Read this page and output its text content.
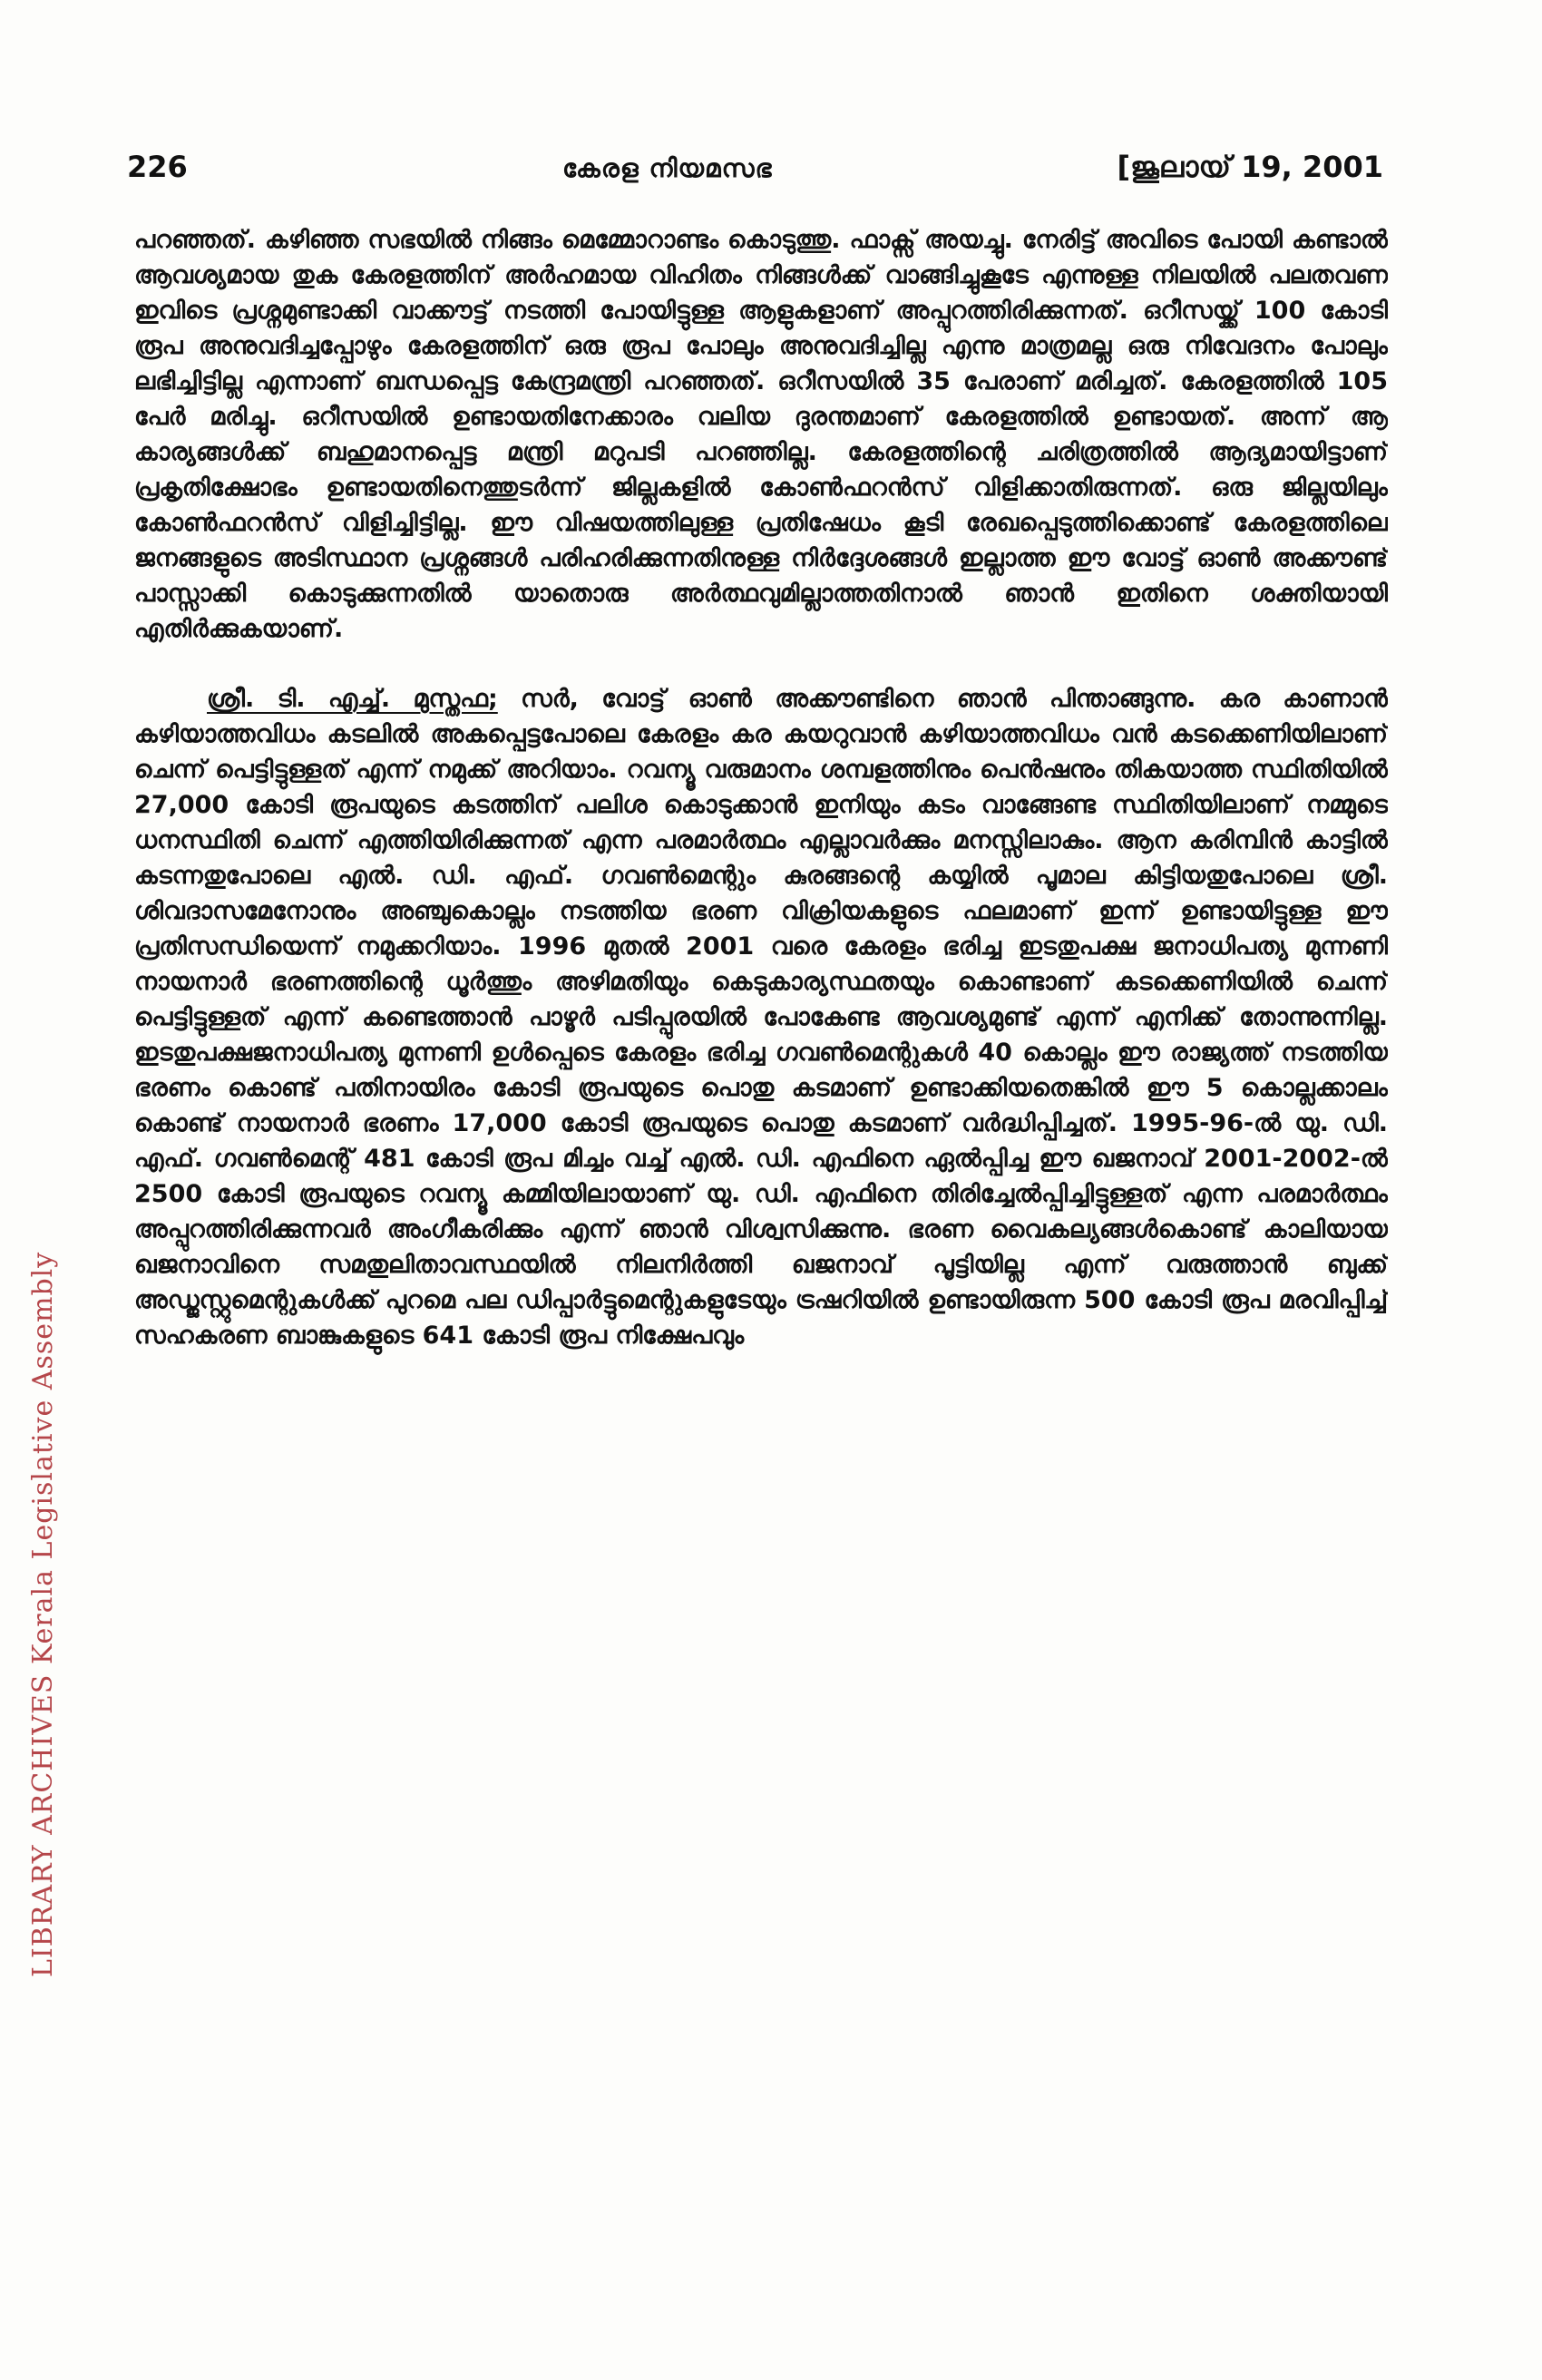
226	കേരള നിയമസഭ	[ജൂലായ് 19, 2001

പറഞ്ഞത്. കഴിഞ്ഞ സഭയിൽ നിങ്ങം മെമ്മോറാണ്ടം കൊടുത്തു. ഫാക്സ് അയച്ചു. നേരിട്ട് അവിടെ പോയി കണ്ടാൽ ആവശ്യമായ തുക കേരളത്തിന് അർഹമായ വിഹിതം നിങ്ങൾക്ക് വാങ്ങിച്ചുകൂടേ എന്നുള്ള നിലയിൽ പലതവണ ഇവിടെ പ്രശ്നമുണ്ടാക്കി വാക്കൗട്ട് നടത്തി പോയിട്ടുള്ള ആളുകളാണ് അപ്പുറത്തിരിക്കുന്നത്. ഒറീസയ്ക്ക് 100 കോടി രൂപ അനുവദിച്ചപ്പോഴും കേരളത്തിന് ഒരു രൂപ പോലും അനുവദിച്ചില്ല എന്നു മാത്രമല്ല ഒരു നിവേദനം പോലും ലഭിച്ചിട്ടില്ല എന്നാണ് ബന്ധപ്പെട്ട കേന്ദ്രമന്ത്രി പറഞ്ഞത്. ഒറീസയിൽ 35 പേരാണ് മരിച്ചത്. കേരളത്തിൽ 105 പേർ മരിച്ചു. ഒറീസയിൽ ഉണ്ടായതിനേക്കാരം വലിയ ദുരന്തമാണ് കേരളത്തിൽ ഉണ്ടായത്. അന്ന് ആ കാര്യങ്ങൾക്ക് ബഹുമാനപ്പെട്ട മന്ത്രി മറുപടി പറഞ്ഞില്ല. കേരളത്തിന്റെ ചരിത്രത്തിൽ ആദ്യമായിട്ടാണ് പ്രകൃതിക്ഷോഭം ഉണ്ടായതിനെത്തുടർന്ന് ജില്ലകളിൽ കോൺഫറൻസ് വിളിക്കാതിരുന്നത്. ഒരു ജില്ലയിലും കോൺഫറൻസ് വിളിച്ചിട്ടില്ല. ഈ വിഷയത്തിലുള്ള പ്രതിഷേധം കൂടി രേഖപ്പെടുത്തിക്കൊണ്ട് കേരളത്തിലെ ജനങ്ങളുടെ അടിസ്ഥാന പ്രശ്നങ്ങൾ പരിഹരിക്കുന്നതിനുള്ള നിർദ്ദേശങ്ങൾ ഇല്ലാത്ത ഈ വോട്ട് ഓൺ അക്കൗണ്ട് പാസ്സാക്കി കൊടുക്കുന്നതിൽ യാതൊരു അർത്ഥവുമില്ലാത്തതിനാൽ ഞാൻ ഇതിനെ ശക്തിയായി എതിർക്കുകയാണ്.

ശ്രീ. ടി. എച്ച്. മുസ്തഫ; സർ, വോട്ട് ഓൺ അക്കൗണ്ടിനെ ഞാൻ പിന്താങ്ങുന്നു. കര കാണാൻ കഴിയാത്തവിധം കടലിൽ അകപ്പെട്ടപോലെ കേരളം കര കയറുവാൻ കഴിയാത്തവിധം വൻ കടക്കെണിയിലാണ് ചെന്ന് പെട്ടിട്ടുള്ളത് എന്ന് നമുക്ക് അറിയാം. റവന്യൂ വരുമാനം ശമ്പളത്തിനും പെൻഷനും തികയാത്ത സ്ഥിതിയിൽ 27,000 കോടി രൂപയുടെ കടത്തിന് പലിശ കൊടുക്കാൻ ഇനിയും കടം വാങ്ങേണ്ട സ്ഥിതിയിലാണ് നമ്മുടെ ധനസ്ഥിതി ചെന്ന് എത്തിയിരിക്കുന്നത് എന്ന പരമാർത്ഥം എല്ലാവർക്കും മനസ്സിലാകും. ആന കരിമ്പിൻ കാട്ടിൽ കടന്നതുപോലെ എൽ. ഡി. എഫ്. ഗവൺമെന്റും കുരങ്ങന്റെ കയ്യിൽ പൂമാല കിട്ടിയതുപോലെ ശ്രീ. ശിവദാസമേനോനും അഞ്ചുകൊല്ലം നടത്തിയ ഭരണ വിക്രിയകളുടെ ഫലമാണ് ഇന്ന് ഉണ്ടായിട്ടുള്ള ഈ പ്രതിസന്ധിയെന്ന് നമുക്കറിയാം. 1996 മുതൽ 2001 വരെ കേരളം ഭരിച്ച ഇടതുപക്ഷ ജനാധിപത്യ മുന്നണി നായനാർ ഭരണത്തിന്റെ ധൂർത്തും അഴിമതിയും കെടുകാര്യസ്ഥതയും കൊണ്ടാണ് കടക്കെണിയിൽ ചെന്ന് പെട്ടിട്ടുള്ളത് എന്ന് കണ്ടെത്താൻ പാഴൂർ പടിപ്പുരയിൽ പോകേണ്ട ആവശ്യമുണ്ട് എന്ന് എനിക്ക് തോന്നുന്നില്ല. ഇടതുപക്ഷജനാധിപത്യ മുന്നണി ഉൾപ്പെടെ കേരളം ഭരിച്ച ഗവൺമെന്റുകൾ 40 കൊല്ലം ഈ രാജ്യത്ത് നടത്തിയ ഭരണം കൊണ്ട് പതിനായിരം കോടി രൂപയുടെ പൊതു കടമാണ് ഉണ്ടാക്കിയതെങ്കിൽ ഈ 5 കൊല്ലക്കാലം കൊണ്ട് നായനാർ ഭരണം 17,000 കോടി രൂപയുടെ പൊതു കടമാണ് വർദ്ധിപ്പിച്ചത്. 1995-96-ൽ യു. ഡി. എഫ്. ഗവൺമെന്റ് 481 കോടി രൂപ മിച്ചം വച്ച് എൽ. ഡി. എഫിനെ ഏൽപ്പിച്ച ഈ ഖജനാവ് 2001-2002-ൽ 2500 കോടി രൂപയുടെ റവന്യൂ കമ്മിയിലായാണ് യു. ഡി. എഫിനെ തിരിച്ചേൽപ്പിച്ചിട്ടുള്ളത് എന്ന പരമാർത്ഥം അപ്പുറത്തിരിക്കുന്നവർ അംഗീകരിക്കും എന്ന് ഞാൻ വിശ്വസിക്കുന്നു. ഭരണ വൈകല്യങ്ങൾകൊണ്ട് കാലിയായ ഖജനാവിനെ സമതുലിതാവസ്ഥയിൽ നിലനിർത്തി ഖജനാവ് പൂട്ടിയില്ല എന്ന് വരുത്താൻ ബുക്ക് അഡ്ജസ്റ്റുമെന്റുകൾക്ക് പുറമെ പല ഡിപ്പാർട്ടുമെന്റുകളുടേയും ട്രഷറിയിൽ ഉണ്ടായിരുന്ന 500 കോടി രൂപ മരവിപ്പിച്ച് സഹകരണ ബാങ്കുകളുടെ 641 കോടി രൂപ നിക്ഷേപവും

LIBRARY ARCHIVES Kerala Legislative Assembly
